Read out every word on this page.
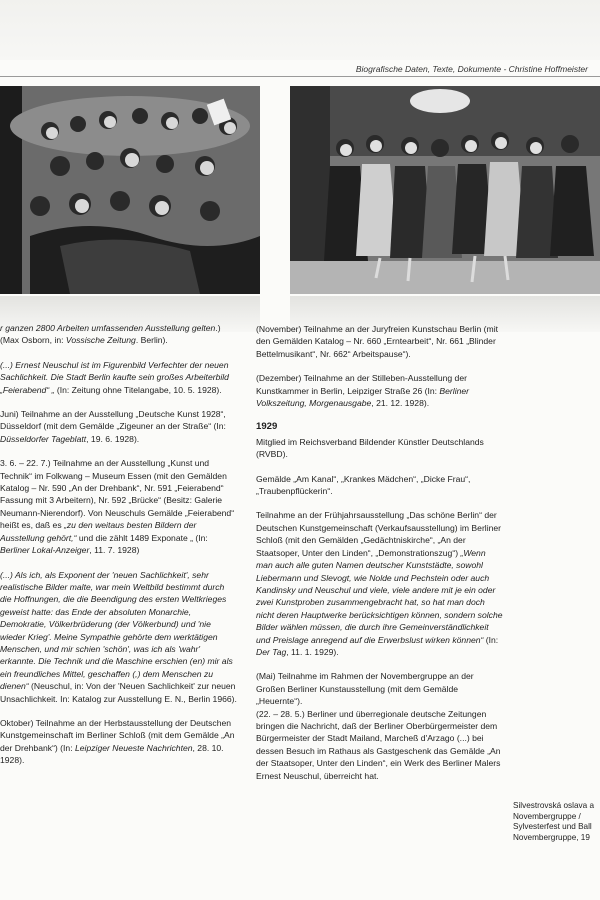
Biografische Daten, Texte, Dokumente - Christine Hoffmeister

r ganzen 2800 Arbeiten umfassenden Ausstellung gelten.) (Max Osborn, in: Vossische Zeitung. Berlin).

(...) Ernest Neuschul ist im Figurenbild Verfechter der neuen Sachlichkeit. Die Stadt Berlin kaufte sein großes Arbeiterbild „Feierabend“ „ (In: Zeitung ohne Titelangabe, 10. 5. 1928).

Juni) Teilnahme an der Ausstellung „Deutsche Kunst 1928“, Düsseldorf (mit dem Gemälde „Zigeuner an der Straße“ (In: Düsseldorfer Tageblatt, 19. 6. 1928).

3. 6. – 22. 7.) Teilnahme an der Ausstellung „Kunst und Technik“ im Folkwang – Museum Essen (mit den Gemälden Katalog – Nr. 590 „An der Drehbank“, Nr. 591 „Feierabend“ Fassung mit 3 Arbeitern), Nr. 592 „Brücke“ (Besitz: Galerie Neumann-Nierendorf). Von Neuschuls Gemälde „Feierabend“ heißt es, daß es „zu den weitaus besten Bildern der Ausstellung gehört,“ und die zählt 1489 Exponate „ (In: Berliner Lokal-Anzeiger, 11. 7. 1928)

(...) Als ich, als Exponent der 'neuen Sachlichkeit', sehr realistische Bilder malte, war mein Weltbild bestimmt durch die Hoffnungen, die die Beendigung des ersten Weltkrieges geweist hatte: das Ende der absoluten Monarchie, Demokratie, Völkerbrüderung (der Völkerbund) und 'nie wieder Krieg'. Meine Sympathie gehörte dem werktätigen Menschen, und mir schien 'schön', was ich als 'wahr' erkannte. Die Technik und die Maschine erschien (en) mir als ein freundliches Mittel, geschaffen (,) dem Menschen zu dienen“ (Neuschul, in: Von der 'Neuen Sachlichkeit' zur neuen Unsachlichkeit. In: Katalog zur Ausstellung E. N., Berlin 1966).

Oktober) Teilnahme an der Herbstausstellung der Deutschen Kunstgemeinschaft im Berliner Schloß (mit dem Gemälde „An der Drehbank“) (In: Leipziger Neueste Nachrichten, 28. 10. 1928).

(November) Teilnahme an der Juryfreien Kunstschau Berlin (mit den Gemälden Katalog – Nr. 660 „Erntearbeit“, Nr. 661 „Blinder Bettelmusikant“, Nr. 662“ Arbeitspause“).

(Dezember) Teilnahme an der Stilleben-Ausstellung der Kunstkammer in Berlin, Leipziger Straße 26 (In: Berliner Volkszeitung, Morgenausgabe, 21. 12. 1928).

1929

Mitglied im Reichsverband Bildender Künstler Deutschlands (RVBD).

Gemälde „Am Kanal“, „Krankes Mädchen“, „Dicke Frau“, „Traubenpflückerin“.

Teilnahme an der Frühjahrsausstellung „Das schöne Berlin“ der Deutschen Kunstgemeinschaft (Verkaufsausstellung) im Berliner Schloß (mit den Gemälden „Gedächtniskirche“, „An der Staatsoper, Unter den Linden“, „Demonstrationszug“) „Wenn man auch alle guten Namen deutscher Kunststädte, sowohl Liebermann und Slevogt, wie Nolde und Pechstein oder auch Kandinsky und Neuschul und viele, viele andere mit je ein oder zwei Kunstproben zusammengebracht hat, so hat man doch nicht deren Hauptwerke berücksichtigen können, sondern solche Bilder wählen müssen, die durch ihre Gemeinverständlichkeit und Preislage anregend auf die Erwerbslust wirken können“ (In: Der Tag, 11. 1. 1929).

(Mai) Teilnahme im Rahmen der Novembergruppe an der Großen Berliner Kunstausstellung (mit dem Gemälde „Heuernte“).
(22. – 28. 5.) Berliner und überregionale deutsche Zeitungen bringen die Nachricht, daß der Berliner Oberbürgermeister dem Bürgermeister der Stadt Mailand, Marcheß d'Arzago (...) bei dessen Besuch im Rathaus als Gastgeschenk das Gemälde „An der Staatsoper, Unter den Linden“, ein Werk des Berliner Malers Ernest Neuschul, überreicht hat.

Silvestrovská oslava a
Novembergruppe /
Sylvesterfest und Ball
Novembergruppe, 19
